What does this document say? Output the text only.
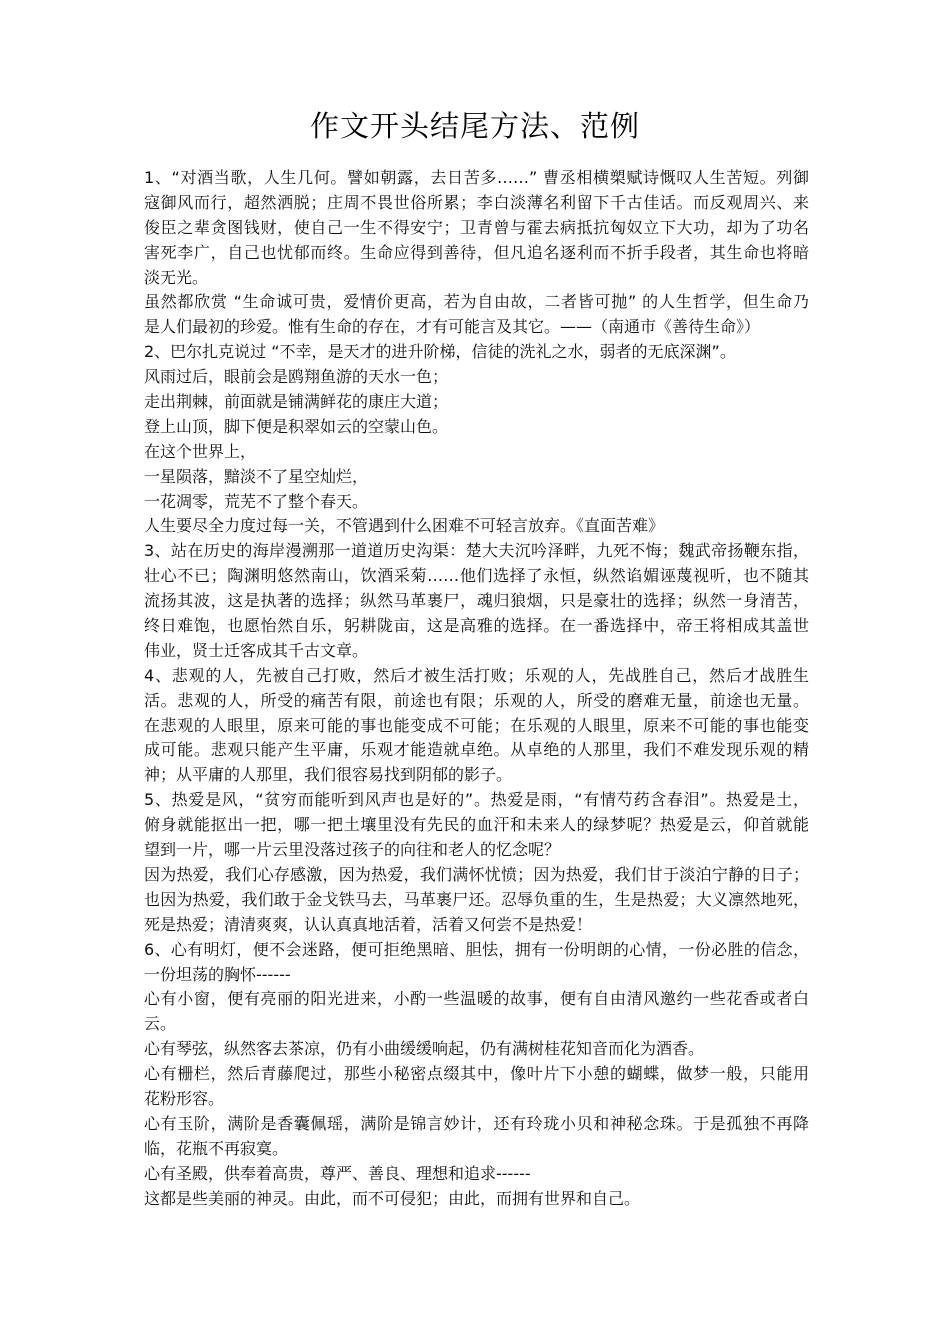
作文开头结尾方法、范例
1、“对酒当歌，人生几何。譬如朝露，去日苦多……” 曹丞相横槊赋诗慨叹人生苦短。列御
寇御风而行，超然洒脱；庄周不畏世俗所累；李白淡薄名利留下千古佳话。而反观周兴、来
俊臣之辈贪图钱财，使自己一生不得安宁；卫青曾与霍去病抵抗匈奴立下大功，却为了功名
害死李广，自己也忧郁而终。生命应得到善待，但凡追名逐利而不折手段者，其生命也将暗
淡无光。
虽然都欣赏 “生命诚可贵，爱情价更高，若为自由故，二者皆可抛” 的人生哲学，但生命乃
是人们最初的珍爱。惟有生命的存在，才有可能言及其它。——（南通市《善待生命》）
2、巴尔扎克说过 “不幸，是天才的进升阶梯，信徒的洗礼之水，弱者的无底深渊”。
风雨过后，眼前会是鸥翔鱼游的天水一色；
走出荆棘，前面就是铺满鲜花的康庄大道；
登上山顶，脚下便是积翠如云的空蒙山色。
在这个世界上，
一星陨落，黯淡不了星空灿烂，
一花凋零，荒芜不了整个春天。
人生要尽全力度过每一关，不管遇到什么困难不可轻言放弃。《直面苦难》
3、站在历史的海岸漫溯那一道道历史沟渠：楚大夫沉吟泽畔，九死不悔；魏武帝扬鞭东指，
壮心不已；陶渊明悠然南山，饮酒采菊……他们选择了永恒，纵然谄媚诬蔑视听，也不随其
流扬其波，这是执著的选择；纵然马革裹尸，魂归狼烟，只是豪壮的选择；纵然一身清苦，
终日难饱，也愿怡然自乐，躬耕陇亩，这是高雅的选择。在一番选择中，帝王将相成其盖世
伟业，贤士迁客成其千古文章。
4、悲观的人，先被自己打败，然后才被生活打败；乐观的人，先战胜自己，然后才战胜生
活。悲观的人，所受的痛苦有限，前途也有限；乐观的人，所受的磨难无量，前途也无量。
在悲观的人眼里，原来可能的事也能变成不可能；在乐观的人眼里，原来不可能的事也能变
成可能。悲观只能产生平庸，乐观才能造就卓绝。从卓绝的人那里，我们不难发现乐观的精
神；从平庸的人那里，我们很容易找到阴郁的影子。
5、热爱是风，“贫穷而能听到风声也是好的”。热爱是雨，“有情芍药含春泪”。热爱是土，
俯身就能抠出一把，哪一把土壤里没有先民的血汗和未来人的绿梦呢？热爱是云，仰首就能
望到一片，哪一片云里没落过孩子的向往和老人的忆念呢？
因为热爱，我们心存感激，因为热爱，我们满怀忧愤；因为热爱，我们甘于淡泊宁静的日子；
也因为热爱，我们敢于金戈铁马去，马革裹尸还。忍辱负重的生，生是热爱；大义凛然地死，
死是热爱；清清爽爽，认认真真地活着，活着又何尝不是热爱！
6、心有明灯，便不会迷路，便可拒绝黑暗、胆怯，拥有一份明朗的心情，一份必胜的信念，
一份坦荡的胸怀------
心有小窗，便有亮丽的阳光进来，小酌一些温暖的故事，便有自由清风邀约一些花香或者白
云。
心有琴弦，纵然客去茶凉，仍有小曲缓缓响起，仍有满树桂花知音而化为酒香。
心有栅栏，然后青藤爬过，那些小秘密点缀其中，像叶片下小憩的蝴蝶，做梦一般，只能用
花粉形容。
心有玉阶，满阶是香囊佩瑶，满阶是锦言妙计，还有玲珑小贝和神秘念珠。于是孤独不再降
临，花瓶不再寂寞。
心有圣殿，供奉着高贵，尊严、善良、理想和追求------
这都是些美丽的神灵。由此，而不可侵犯；由此，而拥有世界和自己。
